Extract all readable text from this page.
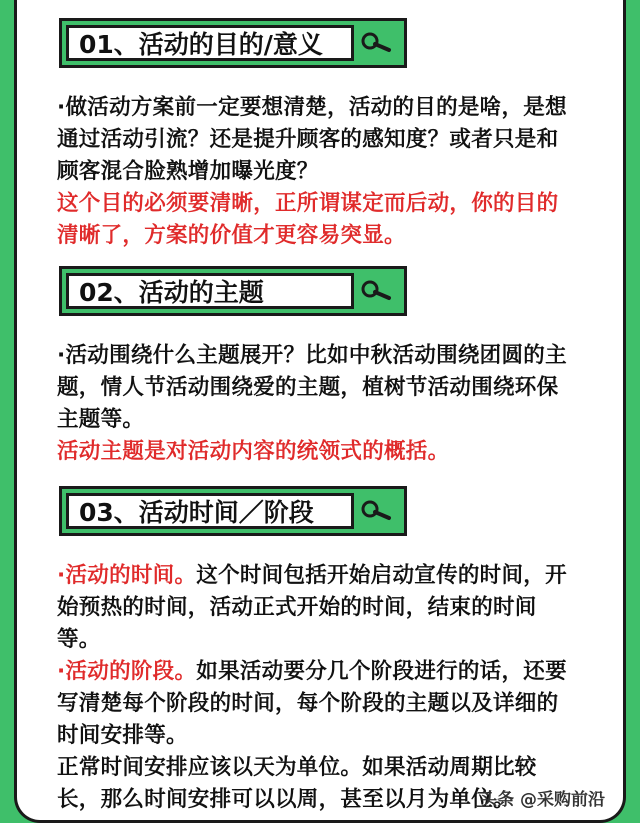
01、活动的目的/意义
·做活动方案前一定要想清楚，活动的目的是啥，是想
通过活动引流？还是提升顾客的感知度？或者只是和
顾客混合脸熟增加曝光度？
这个目的必须要清晰，正所谓谋定而后动，你的目的
清晰了，方案的价值才更容易突显。
02、活动的主题
·活动围绕什么主题展开？比如中秋活动围绕团圆的主
题，情人节活动围绕爱的主题，植树节活动围绕环保
主题等。
活动主题是对活动内容的统领式的概括。
03、活动时间／阶段
·活动的时间。这个时间包括开始启动宣传的时间，开
始预热的时间，活动正式开始的时间，结束的时间
等。
·活动的阶段。如果活动要分几个阶段进行的话，还要
写清楚每个阶段的时间，每个阶段的主题以及详细的
时间安排等。
正常时间安排应该以天为单位。如果活动周期比较
长，那么时间安排可以以周，甚至以月为单位。
头条 @采购前沿
